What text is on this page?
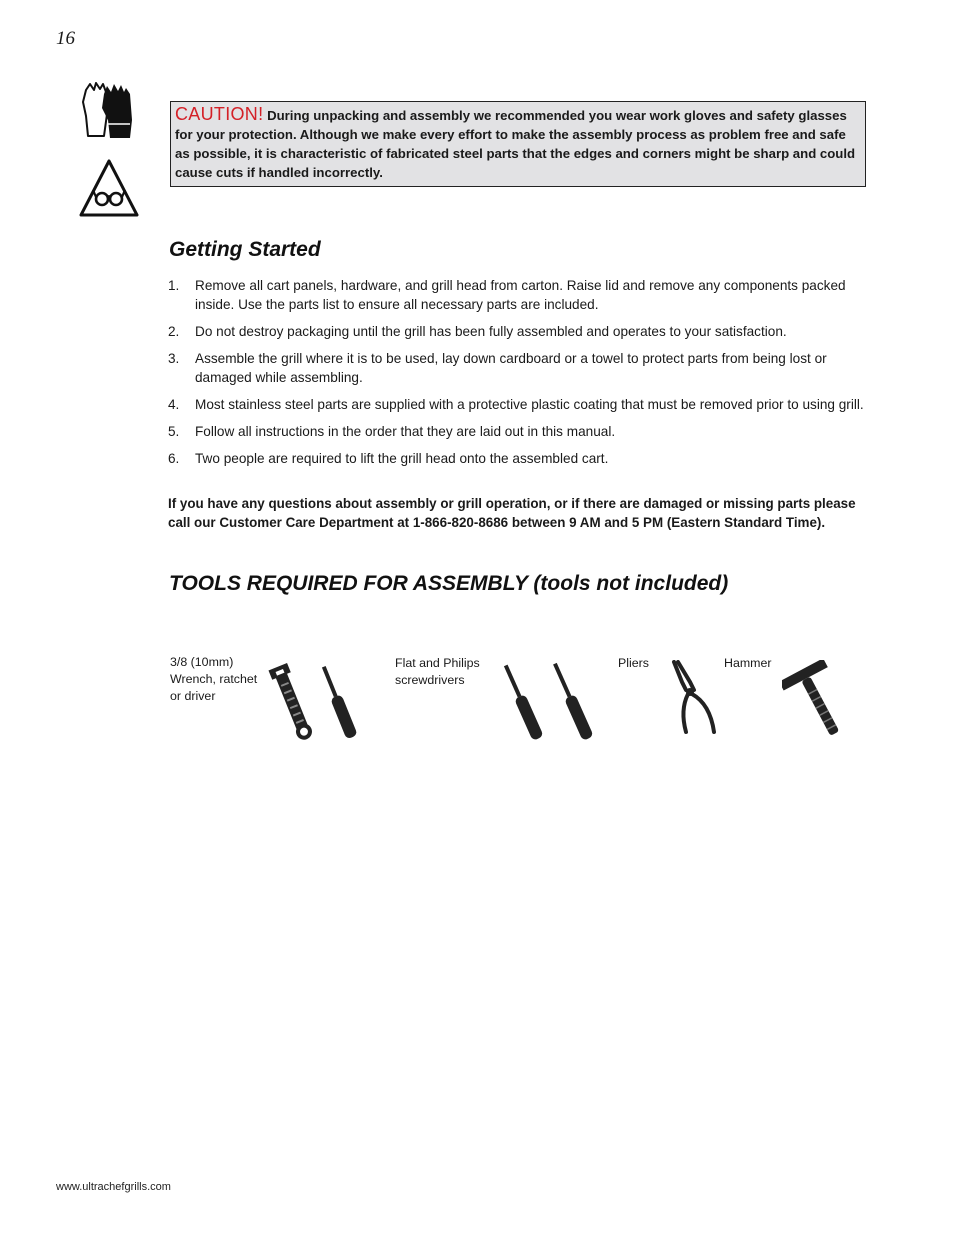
16
CAUTION! During unpacking and assembly we recommended you wear work gloves and safety glasses for your protection. Although we make every effort to make the assembly process as problem free and safe as possible, it is characteristic of fabricated steel parts that the edges and corners might be sharp and could cause cuts if handled incorrectly.
Getting Started
1. Remove all cart panels, hardware, and grill head from carton. Raise lid and remove any components packed inside. Use the parts list to ensure all necessary parts are included.
2. Do not destroy packaging until the grill has been fully assembled and operates to your satisfaction.
3. Assemble the grill where it is to be used, lay down cardboard or a towel to protect parts from being lost or damaged while assembling.
4. Most stainless steel parts are supplied with a protective plastic coating that must be removed prior to using grill.
5. Follow all instructions in the order that they are laid out in this manual.
6. Two people are required to lift the grill head onto the assembled cart.
If you have any questions about assembly or grill operation, or if there are damaged or missing parts please call our Customer Care Department at 1-866-820-8686 between 9 AM and 5 PM (Eastern Standard Time).
TOOLS REQUIRED FOR ASSEMBLY (tools not included)
3/8 (10mm) Wrench, ratchet or driver
Flat and Philips screwdrivers
Pliers	Hammer
www.ultrachefgrills.com
